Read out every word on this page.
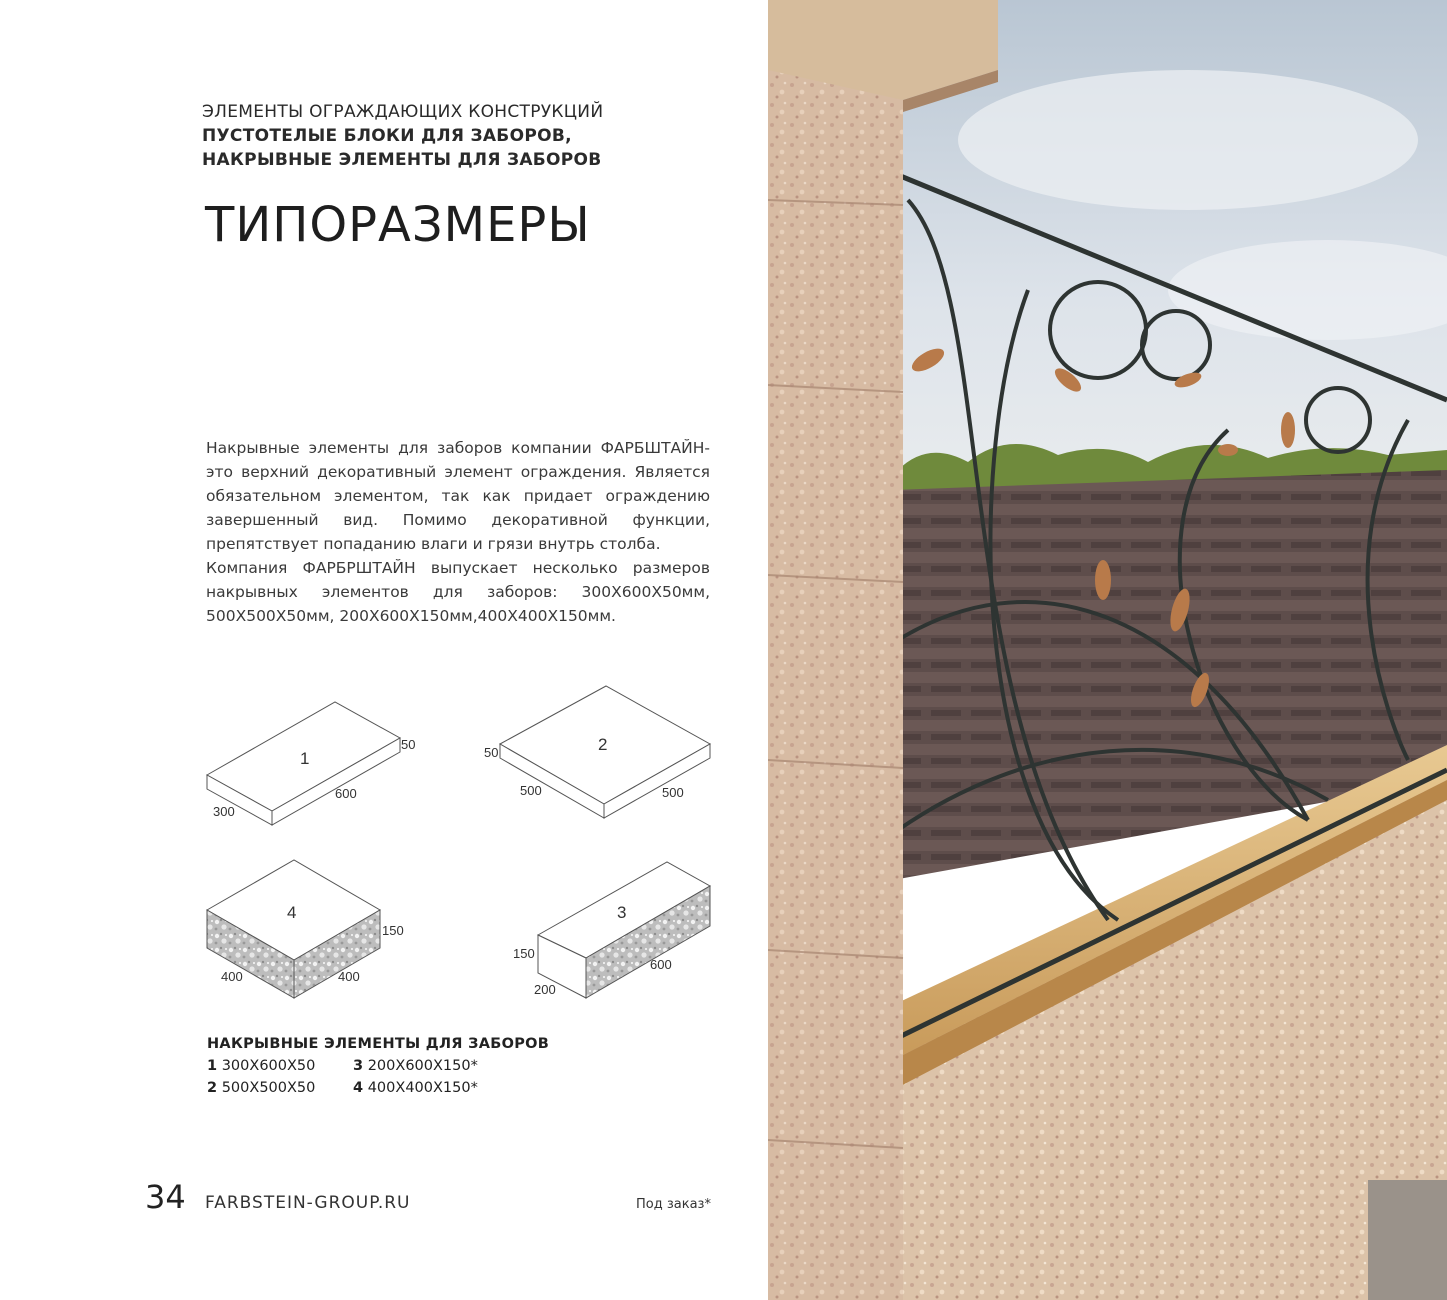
ЭЛЕМЕНТЫ ОГРАЖДАЮЩИХ КОНСТРУКЦИЙ
ПУСТОТЕЛЫЕ БЛОКИ ДЛЯ ЗАБОРОВ,
НАКРЫВНЫЕ ЭЛЕМЕНТЫ ДЛЯ ЗАБОРОВ
ТИПОРАЗМЕРЫ

Накрывные элементы для заборов компании ФАРБШТАЙН- это верхний декоративный элемент ограждения. Является обязательном элементом, так как придает ограждению завершенный вид. Помимо декоративной функции, препятствует попаданию влаги и грязи внутрь столба.

Компания ФАРБРШТАЙН выпускает несколько размеров накрывных элементов для заборов: 300Х600Х50мм, 500Х500Х50мм, 200Х600Х150мм,400Х400Х150мм.

1
300
600
50	2
50
500	500
4
150
400	400
3
150
200
600
НАКРЫВНЫЕ ЭЛЕМЕНТЫ ДЛЯ ЗАБОРОВ
1 300Х600Х50	3 200Х600Х150*
2 500Х500Х50	4 400Х400Х150*
34 FARBSTEIN-GROUP.RU	Под заказ*
